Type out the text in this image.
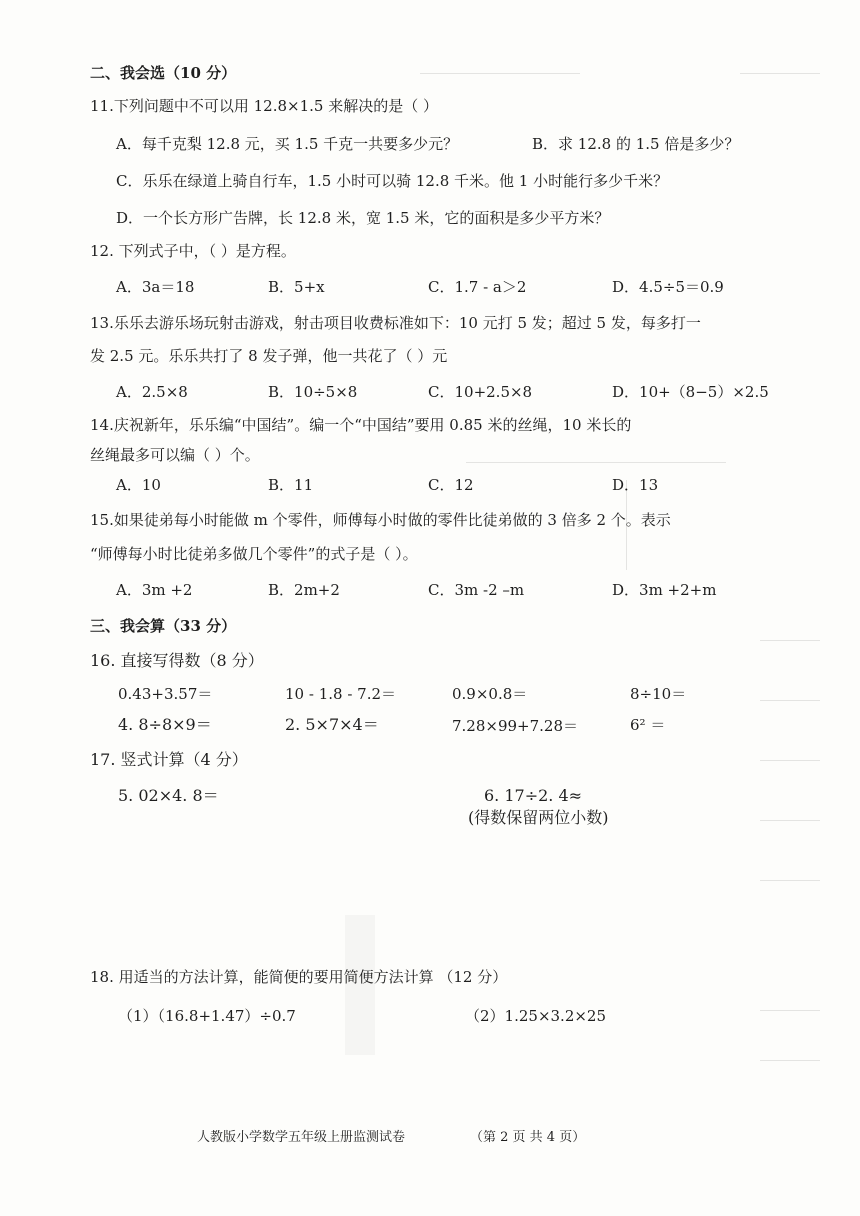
二、我会选（10 分）
11.下列问题中不可以用 12.8×1.5 来解决的是（ ）
A．每千克梨 12.8 元，买 1.5 千克一共要多少元？	B．求 12.8 的 1.5 倍是多少？
C．乐乐在绿道上骑自行车，1.5 小时可以骑 12.8 千米。他 1 小时能行多少千米？
D．一个长方形广告牌，长 12.8 米，宽 1.5 米，它的面积是多少平方米？
12. 下列式子中，（ ）是方程。
A．3a＝18	B．5+x	C．1.7 - a＞2	D．4.5÷5＝0.9
13.乐乐去游乐场玩射击游戏，射击项目收费标准如下：10 元打 5 发；超过 5 发，每多打一
发 2.5 元。乐乐共打了 8 发子弹，他一共花了（ ）元
A．2.5×8	B．10÷5×8	C．10+2.5×8	D．10+（8−5）×2.5
14.庆祝新年，乐乐编“中国结”。编一个“中国结”要用 0.85 米的丝绳，10 米长的
丝绳最多可以编（ ）个。
A．10	B．11	C．12	D．13
15.如果徒弟每小时能做 m 个零件，师傅每小时做的零件比徒弟做的 3 倍多 2 个。表示
“师傅每小时比徒弟多做几个零件”的式子是（ ）。
A．3m +2	B．2m+2	C．3m -2 –m	D．3m +2+m
三、我会算（33 分）
16. 直接写得数（8 分）
0.43+3.57＝	10 - 1.8 - 7.2＝	0.9×0.8＝	8÷10＝
4. 8÷8×9＝	2. 5×7×4＝	7.28×99+7.28＝	6² ＝
17. 竖式计算（4 分）
5. 02×4. 8＝	6. 17÷2. 4≈
(得数保留两位小数)
18. 用适当的方法计算，能简便的要用简便方法计算 （12 分）
（1）（16.8+1.47）÷0.7	（2）1.25×3.2×25
人教版小学数学五年级上册监测试卷	（第 2 页 共 4 页）
